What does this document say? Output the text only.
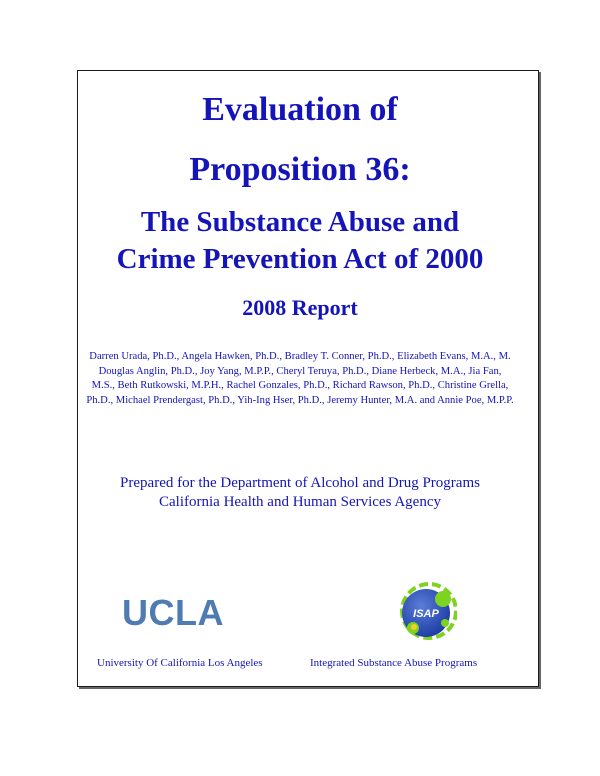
Evaluation of
Proposition 36:
The Substance Abuse and
Crime Prevention Act of 2000
2008 Report
Darren Urada, Ph.D., Angela Hawken, Ph.D., Bradley T. Conner, Ph.D., Elizabeth Evans, M.A., M. Douglas Anglin, Ph.D., Joy Yang, M.P.P., Cheryl Teruya, Ph.D., Diane Herbeck, M.A., Jia Fan, M.S., Beth Rutkowski, M.P.H., Rachel Gonzales, Ph.D., Richard Rawson, Ph.D., Christine Grella, Ph.D., Michael Prendergast, Ph.D., Yih-Ing Hser, Ph.D., Jeremy Hunter, M.A. and Annie Poe, M.P.P.
Prepared for the Department of Alcohol and Drug Programs
California Health and Human Services Agency
UCLA	ISAP
University Of California Los Angeles	Integrated Substance Abuse Programs
